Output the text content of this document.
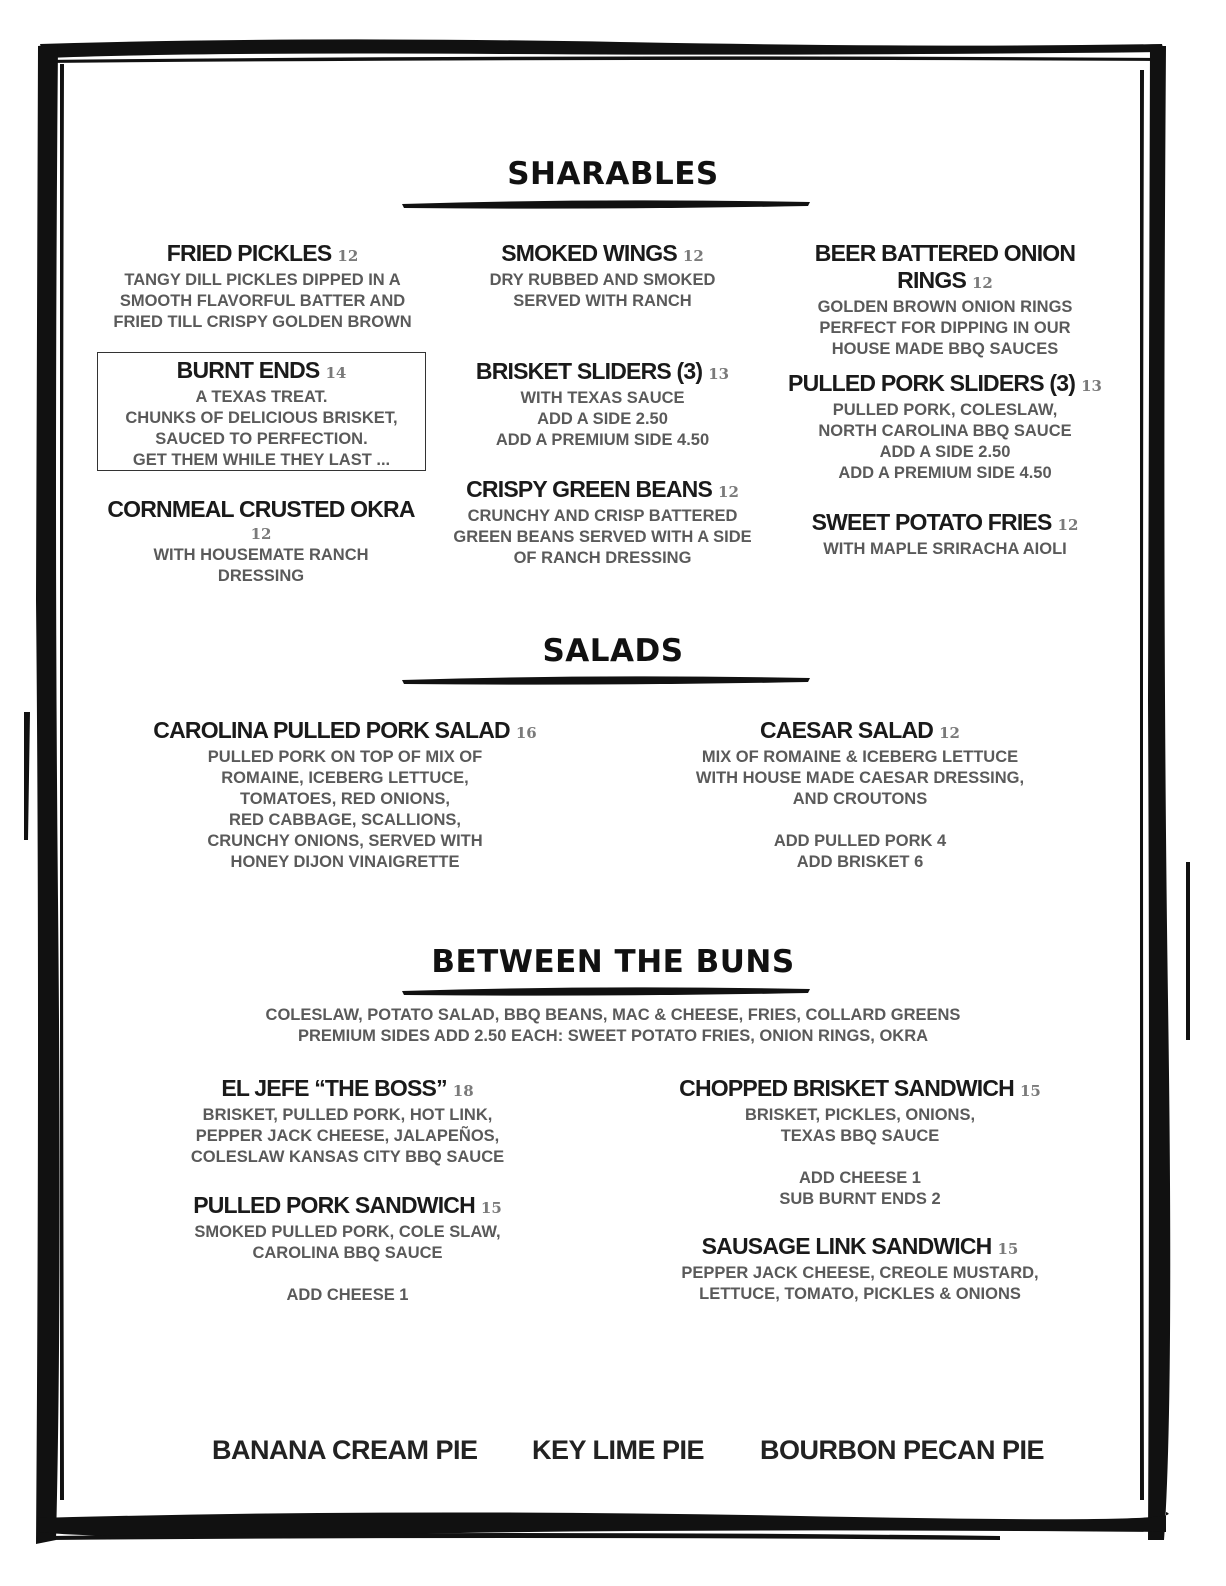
SHARABLES
FRIED PICKLES 12
TANGY DILL PICKLES DIPPED IN A
SMOOTH FLAVORFUL BATTER AND
FRIED TILL CRISPY GOLDEN BROWN
SMOKED WINGS 12
DRY RUBBED AND SMOKED
SERVED WITH RANCH
BEER BATTERED ONION
RINGS 12
GOLDEN BROWN ONION RINGS
PERFECT FOR DIPPING IN OUR
HOUSE MADE BBQ SAUCES
BURNT ENDS 14
A TEXAS TREAT.
CHUNKS OF DELICIOUS BRISKET,
SAUCED TO PERFECTION.
GET THEM WHILE THEY LAST ...
BRISKET SLIDERS (3) 13
WITH TEXAS SAUCE
ADD A SIDE 2.50
ADD A PREMIUM SIDE 4.50
PULLED PORK SLIDERS (3) 13
PULLED PORK, COLESLAW,
NORTH CAROLINA BBQ SAUCE
ADD A SIDE 2.50
ADD A PREMIUM SIDE 4.50
CORNMEAL CRUSTED OKRA
12
WITH HOUSEMATE RANCH
DRESSING
CRISPY GREEN BEANS 12
CRUNCHY AND CRISP BATTERED
GREEN BEANS SERVED WITH A SIDE
OF RANCH DRESSING
SWEET POTATO FRIES 12
WITH MAPLE SRIRACHA AIOLI
SALADS
CAROLINA PULLED PORK SALAD 16
PULLED PORK ON TOP OF MIX OF
ROMAINE, ICEBERG LETTUCE,
TOMATOES, RED ONIONS,
RED CABBAGE, SCALLIONS,
CRUNCHY ONIONS, SERVED WITH
HONEY DIJON VINAIGRETTE
CAESAR SALAD 12
MIX OF ROMAINE & ICEBERG LETTUCE
WITH HOUSE MADE CAESAR DRESSING,
AND CROUTONS

ADD PULLED PORK 4
ADD BRISKET 6
BETWEEN THE BUNS
COLESLAW, POTATO SALAD, BBQ BEANS, MAC & CHEESE, FRIES, COLLARD GREENS
PREMIUM SIDES ADD 2.50 EACH: SWEET POTATO FRIES, ONION RINGS, OKRA
EL JEFE “THE BOSS” 18
BRISKET, PULLED PORK, HOT LINK,
PEPPER JACK CHEESE, JALAPEÑOS,
COLESLAW KANSAS CITY BBQ SAUCE
CHOPPED BRISKET SANDWICH 15
BRISKET, PICKLES, ONIONS,
TEXAS BBQ SAUCE

ADD CHEESE 1
SUB BURNT ENDS 2
PULLED PORK SANDWICH 15
SMOKED PULLED PORK, COLE SLAW,
CAROLINA BBQ SAUCE

ADD CHEESE 1
SAUSAGE LINK SANDWICH 15
PEPPER JACK CHEESE, CREOLE MUSTARD,
LETTUCE, TOMATO, PICKLES & ONIONS
BANANA CREAM PIE KEY LIME PIE BOURBON PECAN PIE
